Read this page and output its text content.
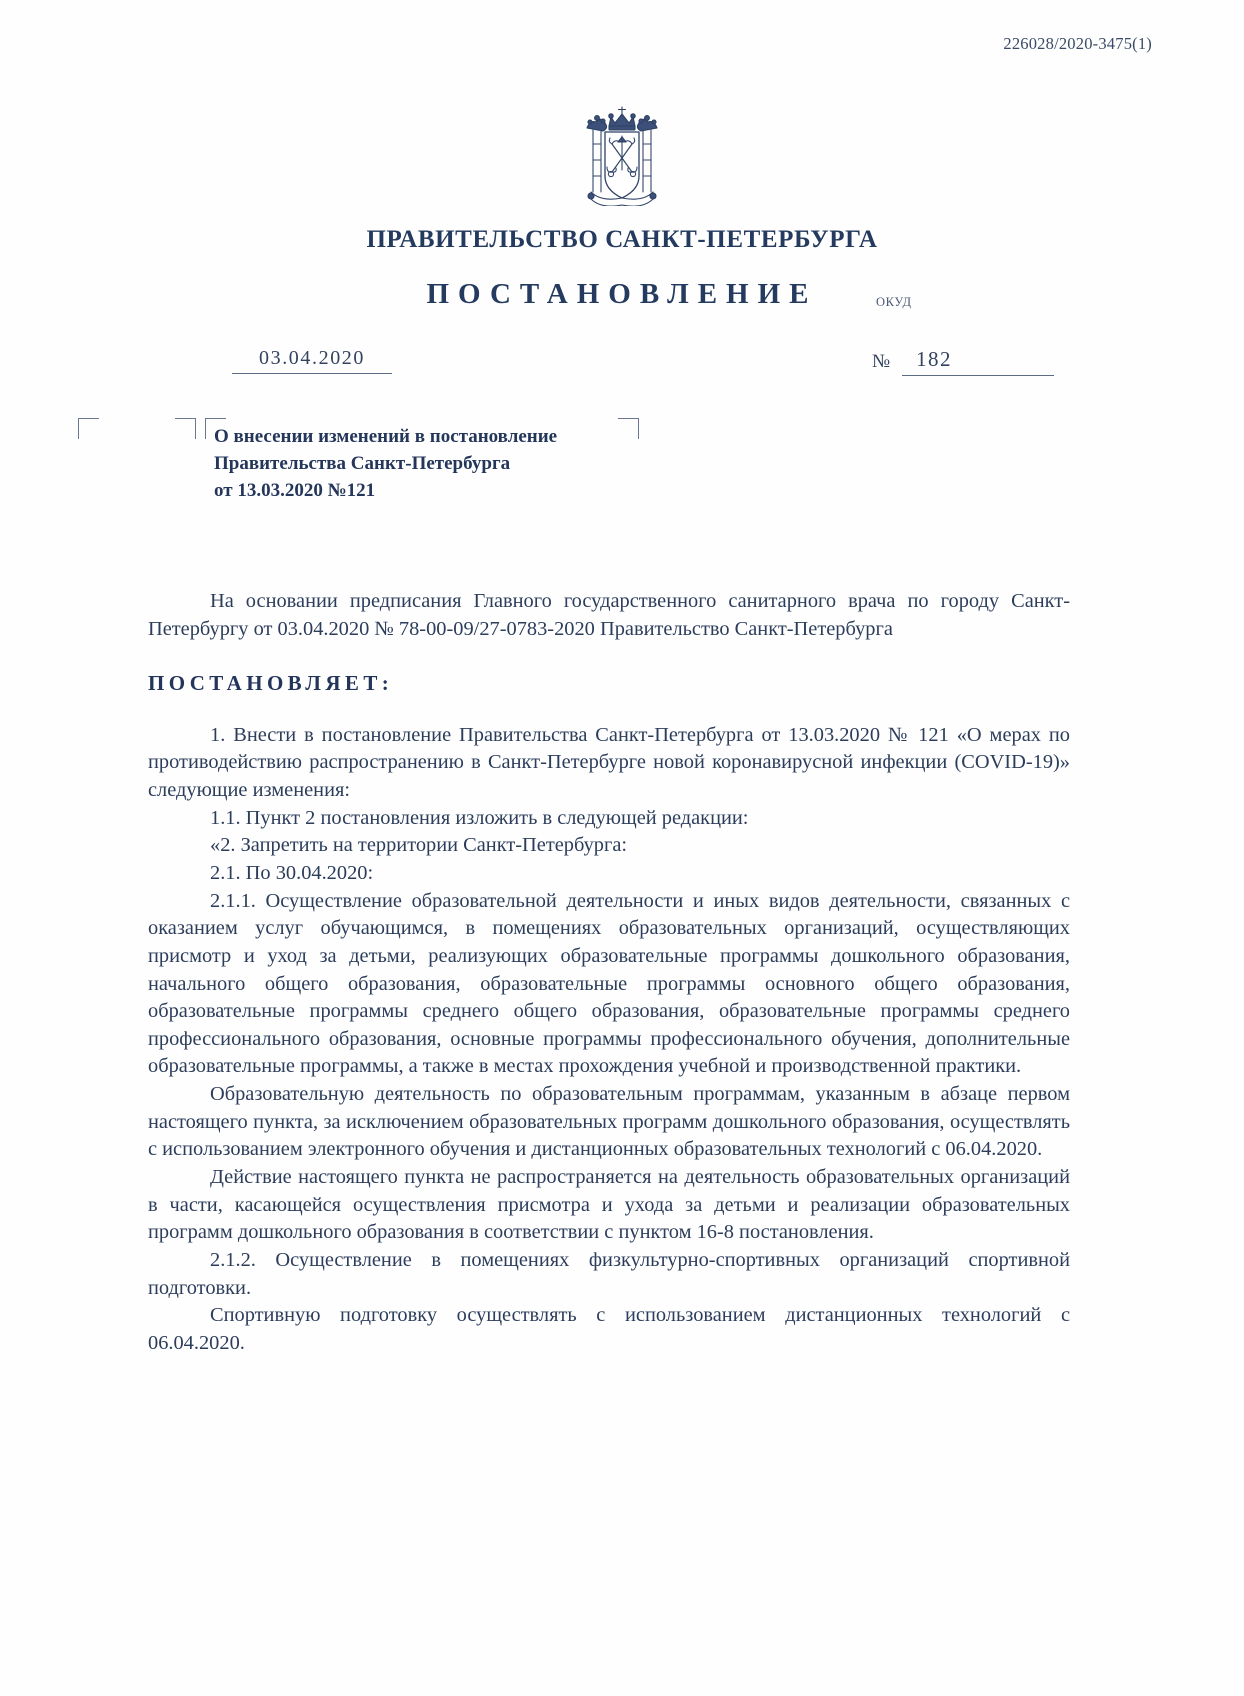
226028/2020-3475(1)
ПРАВИТЕЛЬСТВО САНКТ-ПЕТЕРБУРГА
ПОСТАНОВЛЕНИЕ	ОКУД
03.04.2020	№	182
О внесении изменений в постановление
Правительства Санкт-Петербурга
от 13.03.2020 №121

На основании предписания Главного государственного санитарного врача по городу Санкт-Петербургу от 03.04.2020 № 78-00-09/27-0783-2020 Правительство Санкт-Петербурга

ПОСТАНОВЛЯЕТ:

1. Внести в постановление Правительства Санкт-Петербурга от 13.03.2020 № 121 «О мерах по противодействию распространению в Санкт-Петербурге новой коронавирусной инфекции (COVID-19)» следующие изменения:

1.1. Пункт 2 постановления изложить в следующей редакции:

«2. Запретить на территории Санкт-Петербурга:

2.1. По 30.04.2020:

2.1.1. Осуществление образовательной деятельности и иных видов деятельности, связанных с оказанием услуг обучающимся, в помещениях образовательных организаций, осуществляющих присмотр и уход за детьми, реализующих образовательные программы дошкольного образования, начального общего образования, образовательные программы основного общего образования, образовательные программы среднего общего образования, образовательные программы среднего профессионального образования, основные программы профессионального обучения, дополнительные образовательные программы, а также в местах прохождения учебной и производственной практики.

Образовательную деятельность по образовательным программам, указанным в абзаце первом настоящего пункта, за исключением образовательных программ дошкольного образования, осуществлять с использованием электронного обучения и дистанционных образовательных технологий с 06.04.2020.

Действие настоящего пункта не распространяется на деятельность образовательных организаций в части, касающейся осуществления присмотра и ухода за детьми и реализации образовательных программ дошкольного образования в соответствии с пунктом 16-8 постановления.

2.1.2. Осуществление в помещениях физкультурно-спортивных организаций спортивной подготовки.

Спортивную подготовку осуществлять с использованием дистанционных технологий с 06.04.2020.
